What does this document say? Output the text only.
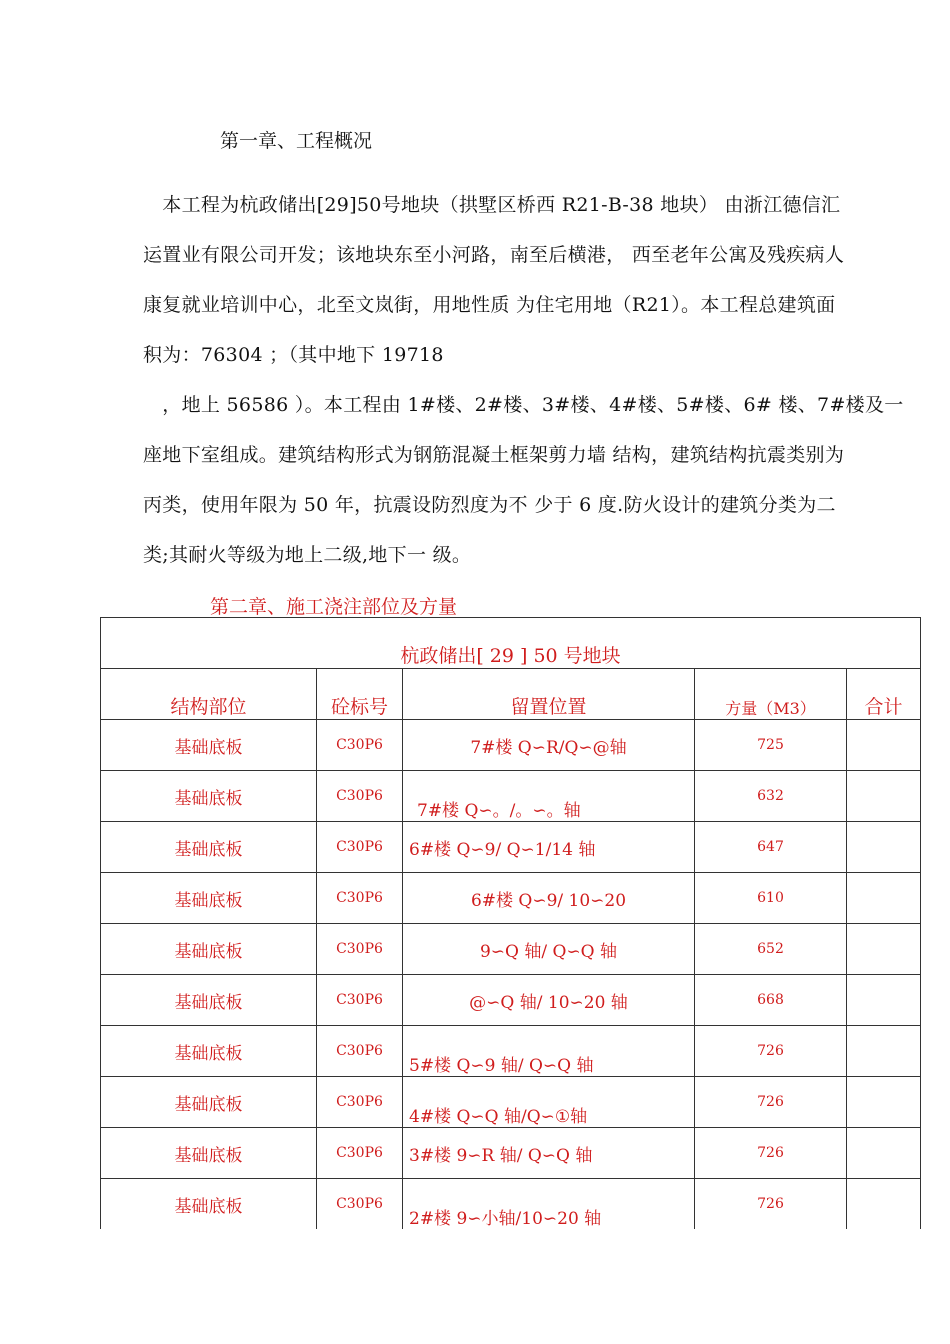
第一章、工程概况
　本工程为杭政储出[29]50号地块（拱墅区桥西 R21-B-38 地块） 由浙江德信汇
运置业有限公司开发；该地块东至小河路，南至后横港， 西至老年公寓及残疾病人
康复就业培训中心，北至文岚街，用地性质 为住宅用地（R21）。本工程总建筑面
积为：76304 ；（其中地下 19718
　，地上 56586 ）。本工程由 1#楼、2#楼、3#楼、4#楼、5#楼、6# 楼、7#楼及一
座地下室组成。建筑结构形式为钢筋混凝土框架剪力墙 结构，建筑结构抗震类别为
丙类，使用年限为 50 年，抗震设防烈度为不 少于 6 度.防火设计的建筑分类为二
类;其耐火等级为地上二级,地下一 级。
第二章、施工浇注部位及方量
杭政储出[ 29 ] 50 号地块				
结构部位	砼标号	留置位置	方量（M3）	合计
基础底板	C30P6	7#楼 Q∽R/Q∽@轴	725	
基础底板	C30P6	7#楼 Q∽。/。∽。轴	632	
基础底板	C30P6	6#楼 Q∽9/ Q∽1/14 轴	647	
基础底板	C30P6	6#楼 Q∽9/ 10∽20	610	
基础底板	C30P6	9∽Q 轴/ Q∽Q 轴	652	
基础底板	C30P6	@∽Q 轴/ 10∽20 轴	668	
基础底板	C30P6	5#楼 Q∽9 轴/ Q∽Q 轴	726	
基础底板	C30P6	4#楼 Q∽Q 轴/Q∽①轴	726	
基础底板	C30P6	3#楼 9∽R 轴/ Q∽Q 轴	726	
基础底板	C30P6	2#楼 9∽小轴/10∽20 轴	726	
